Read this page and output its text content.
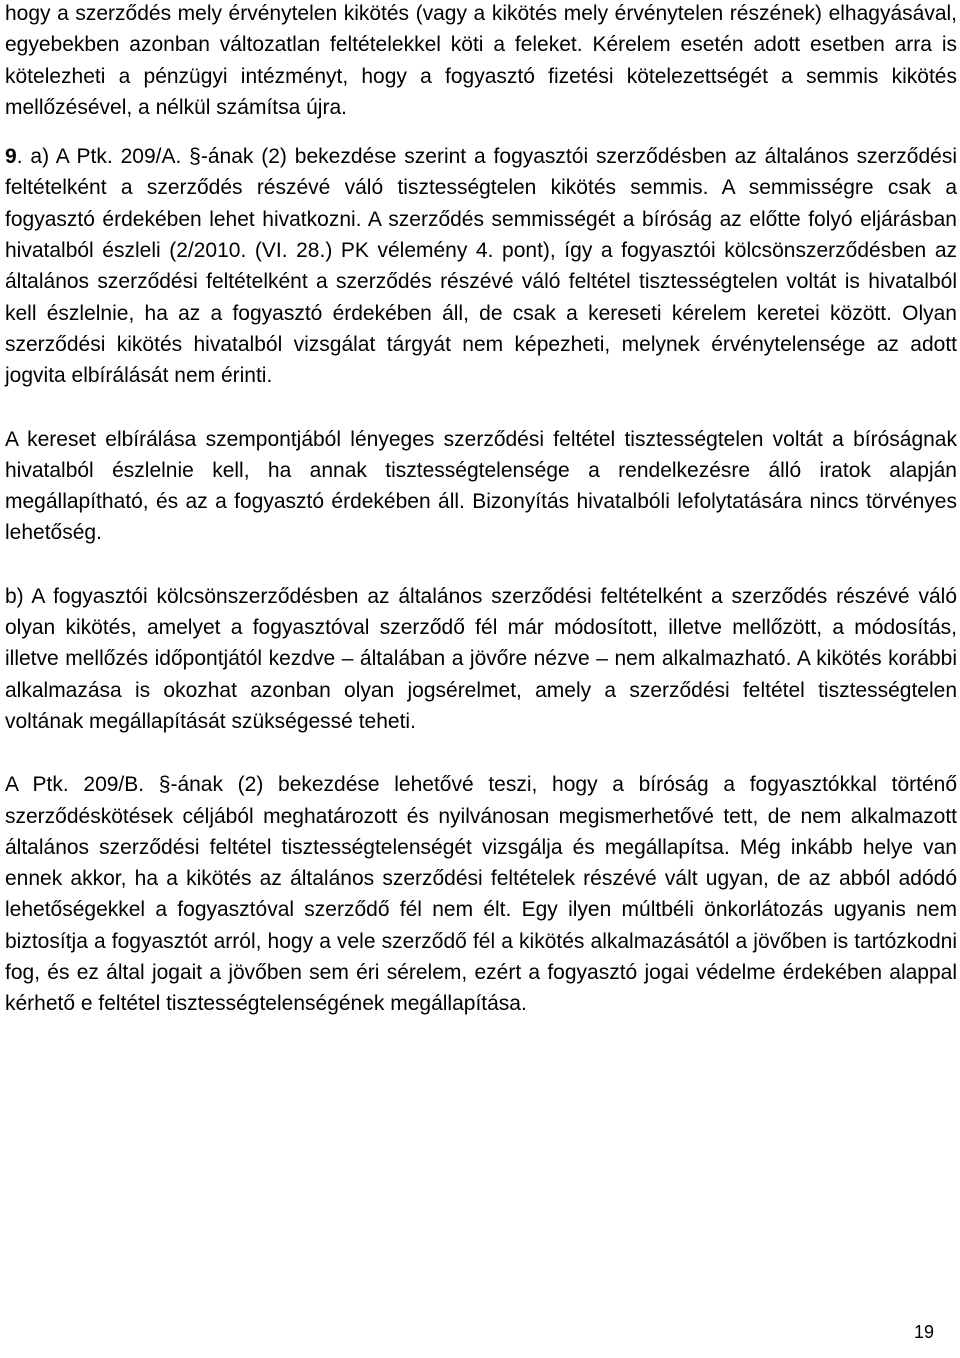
hogy a szerződés mely érvénytelen kikötés (vagy a kikötés mely érvénytelen részének) elhagyásával, egyebekben azonban változatlan feltételekkel köti a feleket. Kérelem esetén adott esetben arra is kötelezheti a pénzügyi intézményt, hogy a fogyasztó fizetési kötelezettségét a semmis kikötés mellőzésével, a nélkül számítsa újra.

9. a) A Ptk. 209/A. §-ának (2) bekezdése szerint a fogyasztói szerződésben az általános szerződési feltételként a szerződés részévé váló tisztességtelen kikötés semmis. A semmisségre csak a fogyasztó érdekében lehet hivatkozni. A szerződés semmisségét a bíróság az előtte folyó eljárásban hivatalból észleli (2/2010. (VI. 28.) PK vélemény 4. pont), így a fogyasztói kölcsönszerződésben az általános szerződési feltételként a szerződés részévé váló feltétel tisztességtelen voltát is hivatalból kell észlelnie, ha az a fogyasztó érdekében áll, de csak a kereseti kérelem keretei között. Olyan szerződési kikötés hivatalból vizsgálat tárgyát nem képezheti, melynek érvénytelensége az adott jogvita elbírálását nem érinti.

A kereset elbírálása szempontjából lényeges szerződési feltétel tisztességtelen voltát a bíróságnak hivatalból észlelnie kell, ha annak tisztességtelensége a rendelkezésre álló iratok alapján megállapítható, és az a fogyasztó érdekében áll. Bizonyítás hivatalbóli lefolytatására nincs törvényes lehetőség.

b) A fogyasztói kölcsönszerződésben az általános szerződési feltételként a szerződés részévé váló olyan kikötés, amelyet a fogyasztóval szerződő fél már módosított, illetve mellőzött, a módosítás, illetve mellőzés időpontjától kezdve – általában a jövőre nézve – nem alkalmazható. A kikötés korábbi alkalmazása is okozhat azonban olyan jogsérelmet, amely a szerződési feltétel tisztességtelen voltának megállapítását szükségessé teheti.

A Ptk. 209/B. §-ának (2) bekezdése lehetővé teszi, hogy a bíróság a fogyasztókkal történő szerződéskötések céljából meghatározott és nyilvánosan megismerhetővé tett, de nem alkalmazott általános szerződési feltétel tisztességtelenségét vizsgálja és megállapítsa. Még inkább helye van ennek akkor, ha a kikötés az általános szerződési feltételek részévé vált ugyan, de az abból adódó lehetőségekkel a fogyasztóval szerződő fél nem élt. Egy ilyen múltbéli önkorlátozás ugyanis nem biztosítja a fogyasztót arról, hogy a vele szerződő fél a kikötés alkalmazásától a jövőben is tartózkodni fog, és ez által jogait a jövőben sem éri sérelem, ezért a fogyasztó jogai védelme érdekében alappal kérhető e feltétel tisztességtelenségének megállapítása.

19
